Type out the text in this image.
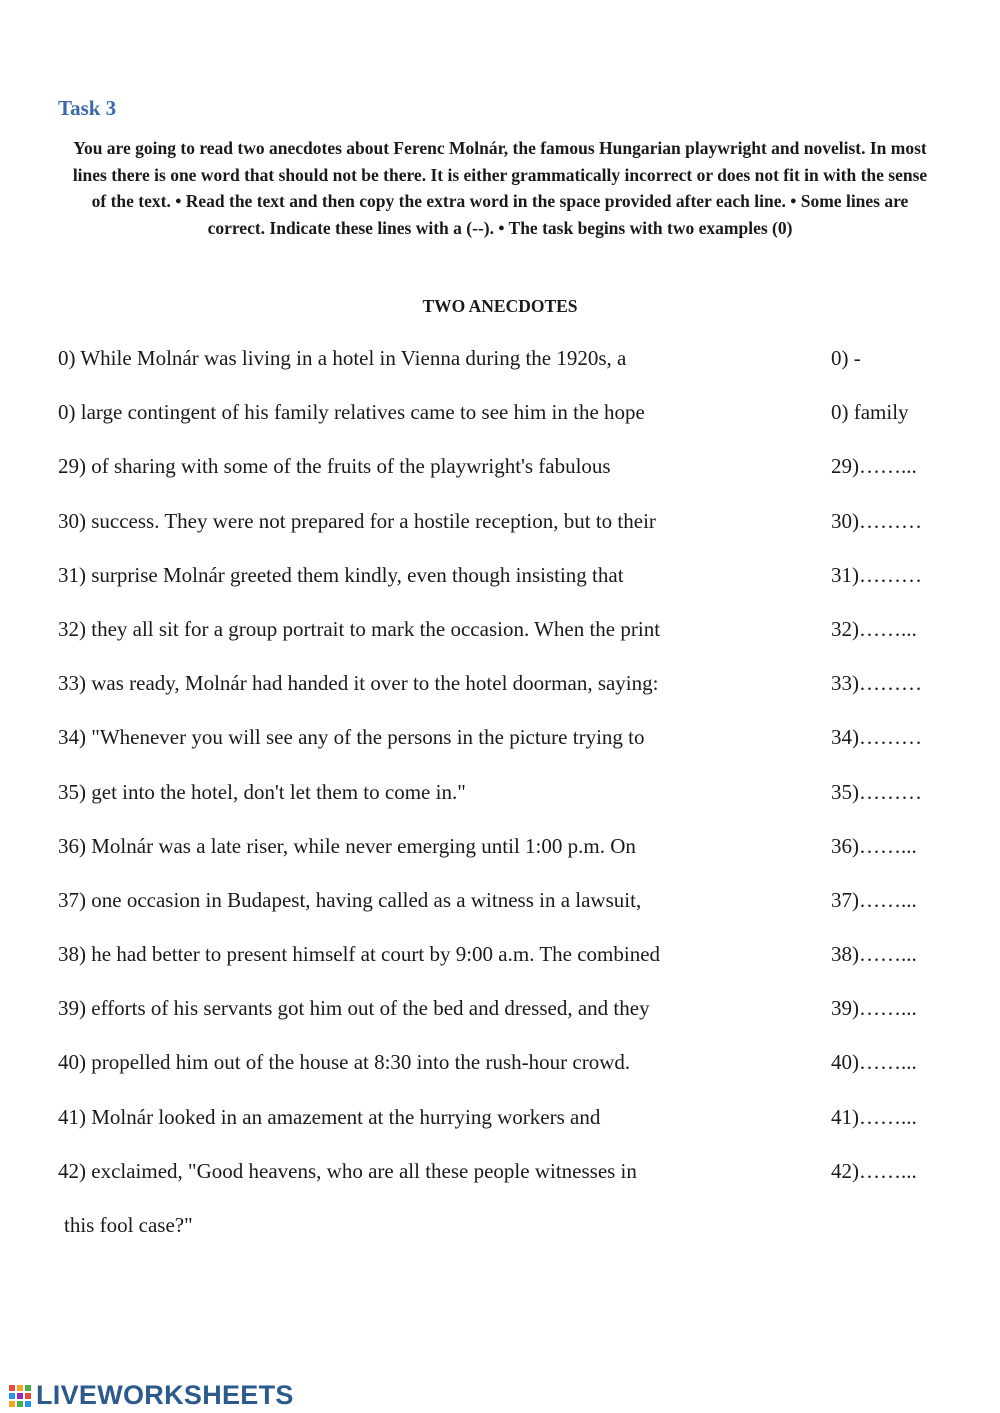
Task 3
You are going to read two anecdotes about Ferenc Molnár, the famous Hungarian playwright and novelist. In most lines there is one word that should not be there. It is either grammatically incorrect or does not fit in with the sense of the text. • Read the text and then copy the extra word in the space provided after each line. • Some lines are correct. Indicate these lines with a (--). • The task begins with two examples (0)
TWO ANECDOTES
0) While Molnár was living in a hotel in Vienna during the 1920s, a	0) -
0) large contingent of his family relatives came to see him in the hope	0) family
29) of sharing with some of the fruits of the playwright's fabulous	29)……...
30) success. They were not prepared for a hostile reception, but to their	30)………
31) surprise Molnár greeted them kindly, even though insisting that	31)………
32) they all sit for a group portrait to mark the occasion. When the print	32)……...
33) was ready, Molnár had handed it over to the hotel doorman, saying:	33)………
34) "Whenever you will see any of the persons in the picture trying to	34)………
35) get into the hotel, don't let them to come in."	35)………
36) Molnár was a late riser, while never emerging until 1:00 p.m. On	36)……...
37) one occasion in Budapest, having called as a witness in a lawsuit,	37)……...
38) he had better to present himself at court by 9:00 a.m. The combined	38)……...
39) efforts of his servants got him out of the bed and dressed, and they	39)……...
40) propelled him out of the house at 8:30 into the rush-hour crowd.	40)……...
41) Molnár looked in an amazement at the hurrying workers and	41)……...
42) exclaimed, "Good heavens, who are all these people witnesses in	42)……...
this fool case?"
LIVEWORKSHEETS
